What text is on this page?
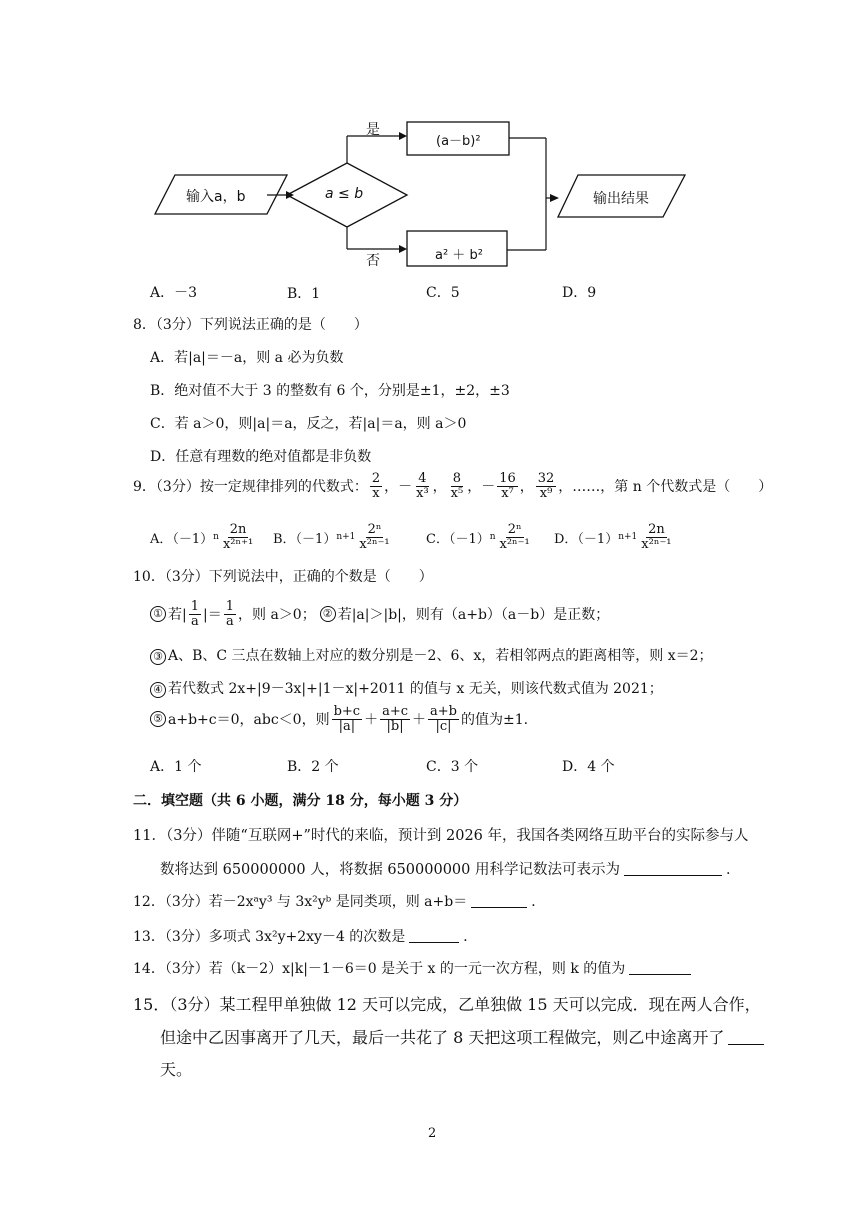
输入a，b	a ≤ b
是
否
(a－b)²
a² ＋ b²
输出结果
A．－3	B．1	C．5	D．9
8．（3分）下列说法正确的是（　　）
A．若|a|＝－a，则 a 必为负数
B．绝对值不大于 3 的整数有 6 个，分别是±1，±2，±3
C．若 a＞0，则|a|＝a，反之，若|a|＝a，则 a＞0
D．任意有理数的绝对值都是非负数
9．（3分）按一定规律排列的代数式： $\frac{2}{x}$ ， － $\frac{4}{\text{x³}}$ ， $\frac{8}{\text{x⁵}}$ ， － $\frac{16}{\text{x⁷}}$ ， $\frac{32}{\text{x⁹}}$ ，……，第 n 个代数式是（　　）
A．（－1） n $\frac{2n}{\text{x²ⁿ⁺¹}}$ B．（－1） $n+1 \frac{\text{2ⁿ}}{\text{x²ⁿ⁻¹}}$	C．（－1） n $\frac{\text{2ⁿ}}{\text{x²ⁿ⁻¹}}$ D．（－1） $n+1 \frac{2n}{\text{x²ⁿ⁻¹}}$
10．（3分）下列说法中，正确的个数是（　　）
① 若| $\frac{1}{a}$ |＝ $\frac{1}{a}$ ，则 a＞0； ② 若|a|＞|b|，则有（a+b）（a－b）是正数；
③ A、B、C 三点在数轴上对应的数分别是－2、6、x，若相邻两点的距离相等，则 x＝2；
④ 若代数式 2x+|9－3x|+|1－x|+2011 的值与 x 无关，则该代数式值为 2021；
⑤ a+b+c＝0，abc＜0，则 $\frac{b+c}{|a|} + \frac{a+c}{|b|} + \frac{a+b}{|c|}$ 的值为±1.
A．1 个	B．2 个	C．3 个	D．4 个
二．填空题（共 6 小题，满分 18 分，每小题 3 分）
11．（3分）伴随“互联网+”时代的来临，预计到 2026 年，我国各类网络互助平台的实际参与人
数将达到 650000000 人，将数据 650000000 用科学记数法可表示为	．
12．（3分）若－2xᵃy³ 与 3x²yᵇ 是同类项，则 a+b＝	．
13．（3分）多项式 3x²y+2xy－4 的次数是	．
14．（3分）若（k－2）x|k|－1－6＝0 是关于 x 的一元一次方程，则 k 的值为
15．（3分）某工程甲单独做 12 天可以完成，乙单独做 15 天可以完成．现在两人合作，
但途中乙因事离开了几天，最后一共花了 8 天把这项工程做完，则乙中途离开了
天。
2
